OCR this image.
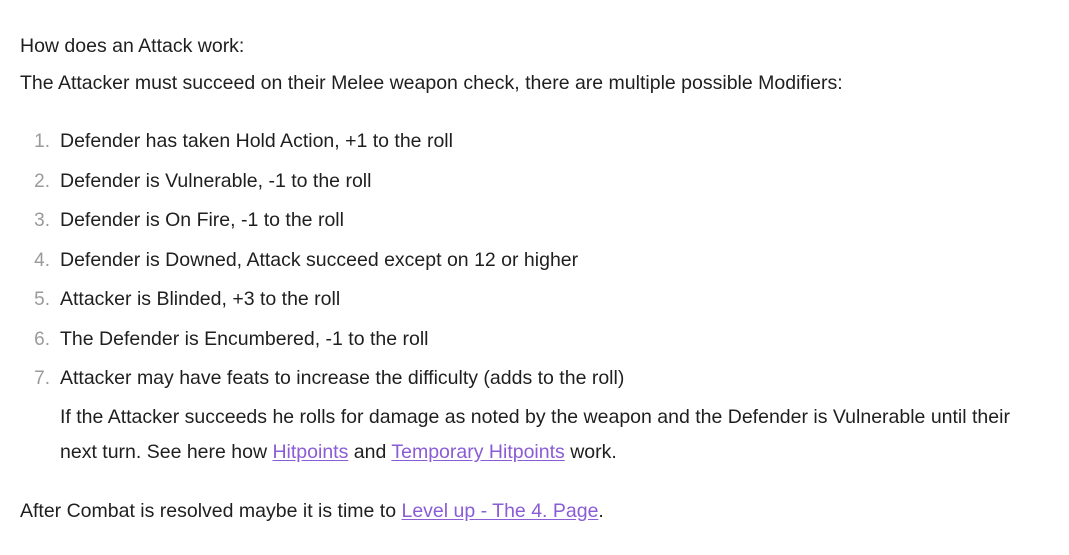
How does an Attack work:
The Attacker must succeed on their Melee weapon check, there are multiple possible Modifiers:
Defender has taken Hold Action, +1 to the roll
Defender is Vulnerable, -1 to the roll
Defender is On Fire, -1 to the roll
Defender is Downed, Attack succeed except on 12 or higher
Attacker is Blinded, +3 to the roll
The Defender is Encumbered, -1 to the roll
Attacker may have feats to increase the difficulty (adds to the roll)
If the Attacker succeeds he rolls for damage as noted by the weapon and the Defender is Vulnerable until their next turn. See here how Hitpoints and Temporary Hitpoints work.
After Combat is resolved maybe it is time to Level up - The 4. Page.
